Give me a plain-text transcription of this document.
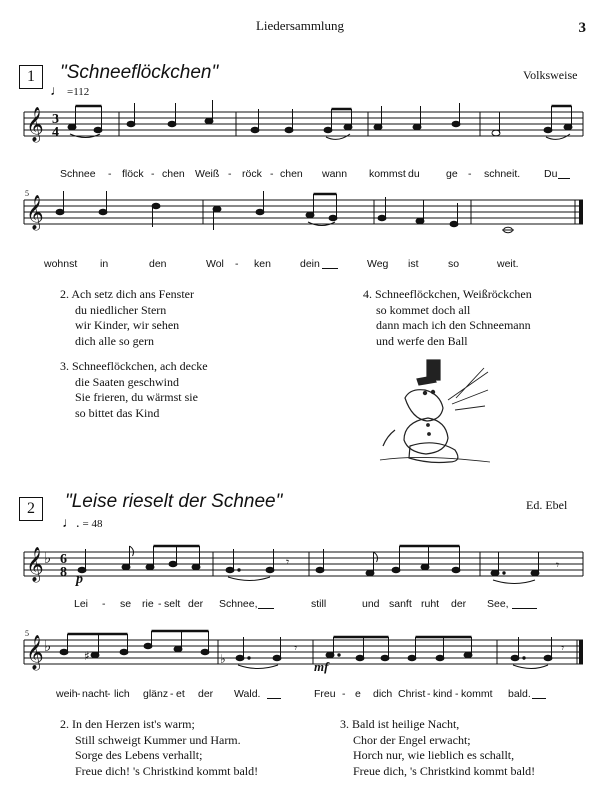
Liedersammlung	3
1	"Schneeflöckchen"	Volksweise
♩ =112
𝄞
𝄞
𝄞
𝄞
♭
♭
3
4
6
8
5
5
𝄾	𝄾
𝄾	𝄾
♯	♭
Schnee - flöck - chen Weiß - röck - chen wann kommst du	ge - schneit. Du
wohnst in	den	Wol - ken	dein	Weg ist	so	weit.
2. Ach setz dich ans Fenster
du niedlicher Stern
wir Kinder, wir sehen
dich alle so gern
3. Schneeflöckchen, ach decke
die Saaten geschwind
Sie frieren, du wärmst sie
so bittet das Kind
4. Schneeflöckchen, Weißröckchen
so kommet doch all
dann mach ich den Schneemann
und werfe den Ball
2	"Leise rieselt der Schnee"	Ed. Ebel
♩. = 48
p
mf
Lei - se rie - selt der Schnee,	still	und sanft ruht der See,
weih - nacht - lich glänz - et der Wald.	Freu - e dich Christ - kind - kommt bald.
2. In den Herzen ist's warm;
Still schweigt Kummer und Harm.
Sorge des Lebens verhallt;
Freue dich! 's Christkind kommt bald!
3. Bald ist heilige Nacht,
Chor der Engel erwacht;
Horch nur, wie lieblich es schallt,
Freue dich, 's Christkind kommt bald!
